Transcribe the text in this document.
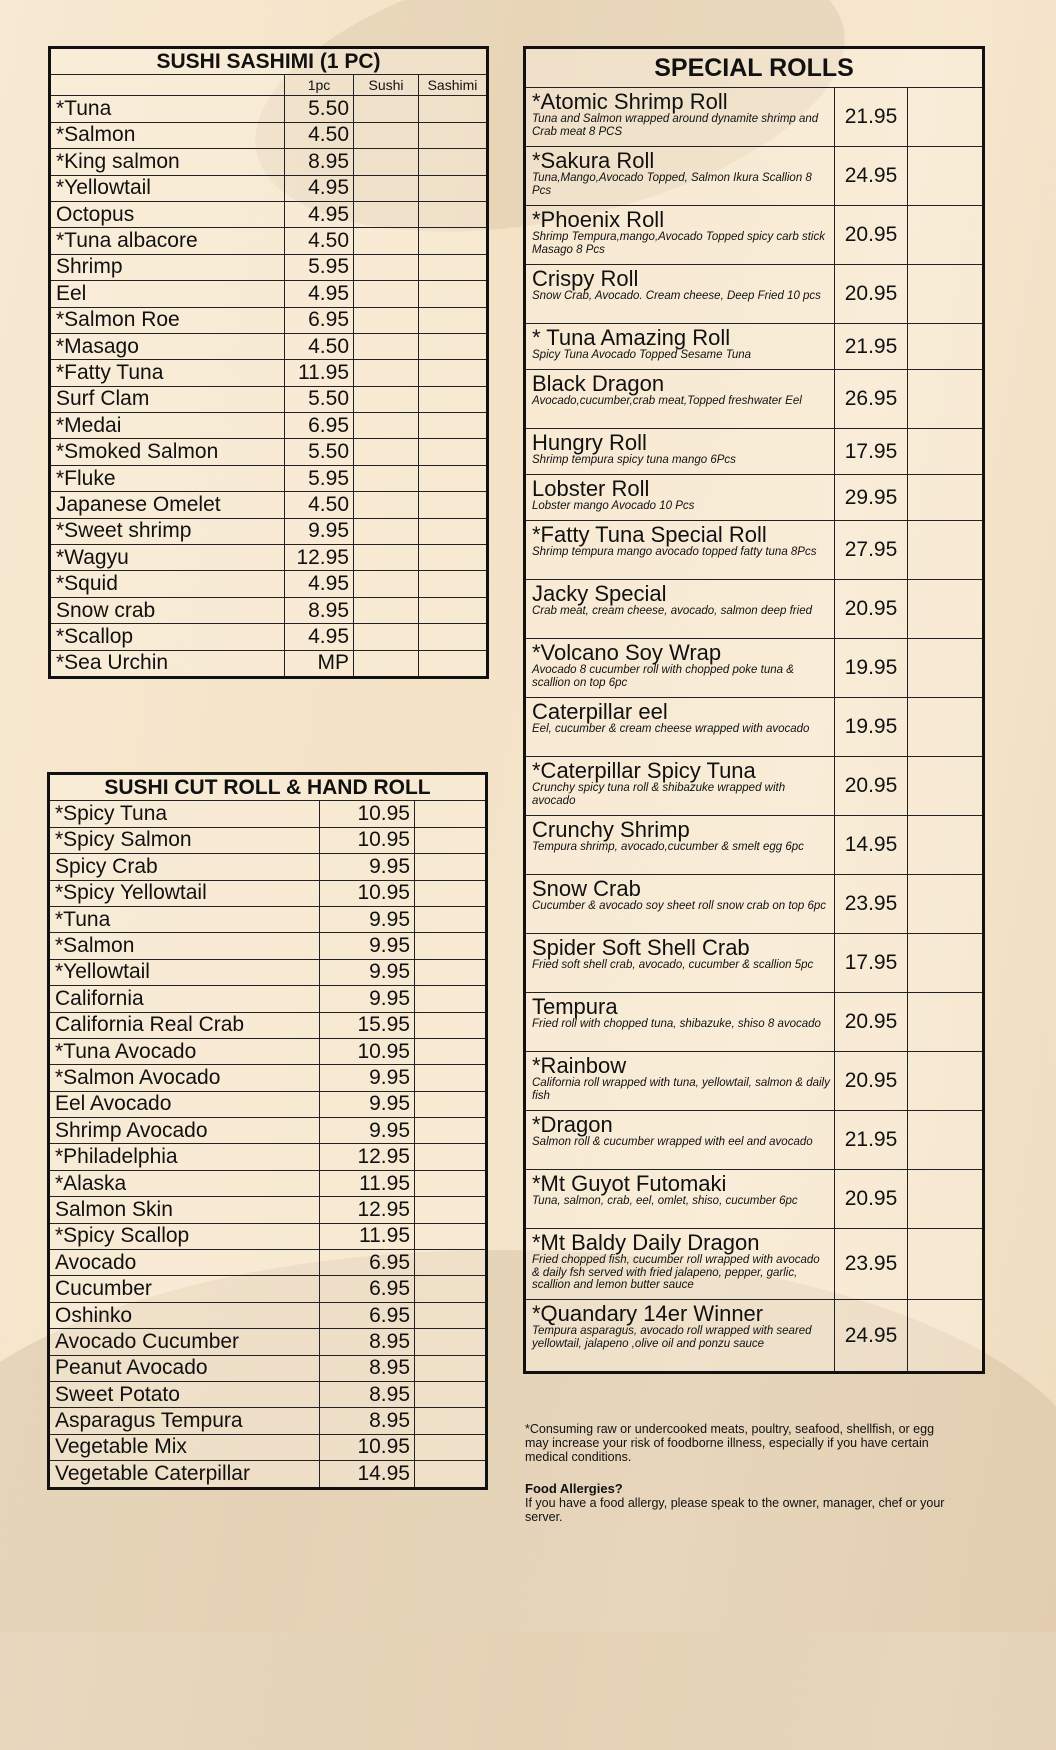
SUSHI SASHIMI (1 PC)			
	1pc	Sushi	Sashimi
*Tuna	5.50		
*Salmon	4.50		
*King salmon	8.95		
*Yellowtail	4.95		
Octopus	4.95		
*Tuna albacore	4.50		
Shrimp	5.95		
Eel	4.95		
*Salmon Roe	6.95		
*Masago	4.50		
*Fatty Tuna	11.95		
Surf Clam	5.50		
*Medai	6.95		
*Smoked Salmon	5.50		
*Fluke	5.95		
Japanese Omelet	4.50		
*Sweet shrimp	9.95		
*Wagyu	12.95		
*Squid	4.95		
Snow crab	8.95		
*Scallop	4.95		
*Sea Urchin	MP		
SUSHI CUT ROLL & HAND ROLL		
*Spicy Tuna	10.95	
*Spicy Salmon	10.95	
Spicy Crab	9.95	
*Spicy Yellowtail	10.95	
*Tuna	9.95	
*Salmon	9.95	
*Yellowtail	9.95	
California	9.95	
California Real Crab	15.95	
*Tuna Avocado	10.95	
*Salmon Avocado	9.95	
Eel Avocado	9.95	
Shrimp Avocado	9.95	
*Philadelphia	12.95	
*Alaska	11.95	
Salmon Skin	12.95	
*Spicy Scallop	11.95	
Avocado	6.95	
Cucumber	6.95	
Oshinko	6.95	
Avocado Cucumber	8.95	
Peanut Avocado	8.95	
Sweet Potato	8.95	
Asparagus Tempura	8.95	
Vegetable Mix	10.95	
Vegetable Caterpillar	14.95	
SPECIAL ROLLS		

*Atomic Shrimp Roll
Tuna and Salmon wrapped around dynamite shrimp and Crab meat 8 PCS	21.95	

*Sakura Roll
Tuna,Mango,Avocado Topped, Salmon Ikura Scallion 8 Pcs	24.95	

*Phoenix Roll
Shrimp Tempura,mango,Avocado Topped spicy carb stick Masago 8 Pcs	20.95	

Crispy Roll
Snow Crab, Avocado. Cream cheese, Deep Fried 10 pcs	20.95	

* Tuna Amazing Roll
Spicy Tuna Avocado Topped Sesame Tuna	21.95	

Black Dragon
Avocado,cucumber,crab meat,Topped freshwater Eel	26.95	

Hungry Roll
Shrimp tempura spicy tuna mango 6Pcs	17.95	

Lobster Roll
Lobster mango Avocado 10 Pcs	29.95	

*Fatty Tuna Special Roll
Shrimp tempura mango avocado topped fatty tuna 8Pcs	27.95	

Jacky Special
Crab meat, cream cheese, avocado, salmon deep fried	20.95	

*Volcano Soy Wrap
Avocado 8 cucumber roll with chopped poke tuna & scallion on top 6pc	19.95	

Caterpillar eel
Eel, cucumber & cream cheese wrapped with avocado	19.95	

*Caterpillar Spicy Tuna
Crunchy spicy tuna roll & shibazuke wrapped with avocado	20.95	

Crunchy Shrimp
Tempura shrimp, avocado,cucumber & smelt egg 6pc	14.95	

Snow Crab
Cucumber & avocado soy sheet roll snow crab on top 6pc	23.95	

Spider Soft Shell Crab
Fried soft shell crab, avocado, cucumber & scallion 5pc	17.95	

Tempura
Fried roll with chopped tuna, shibazuke, shiso 8 avocado	20.95	

*Rainbow
California roll wrapped with tuna, yellowtail, salmon & daily fish	20.95	

*Dragon
Salmon roll & cucumber wrapped with eel and avocado	21.95	

*Mt Guyot Futomaki
Tuna, salmon, crab, eel, omlet, shiso, cucumber 6pc	20.95	

*Mt Baldy Daily Dragon
Fried chopped fish, cucumber roll wrapped with avocado & daily fsh served with fried jalapeno, pepper, garlic, scallion and lemon butter sauce	23.95	

*Quandary 14er Winner
Tempura asparagus, avocado roll wrapped with seared yellowtail, jalapeno ,olive oil and ponzu sauce	24.95	
*Consuming raw or undercooked meats, poultry, seafood, shellfish, or egg may increase your risk of foodborne illness, especially if you have certain medical conditions.
Food Allergies?
If you have a food allergy, please speak to the owner, manager, chef or your server.
